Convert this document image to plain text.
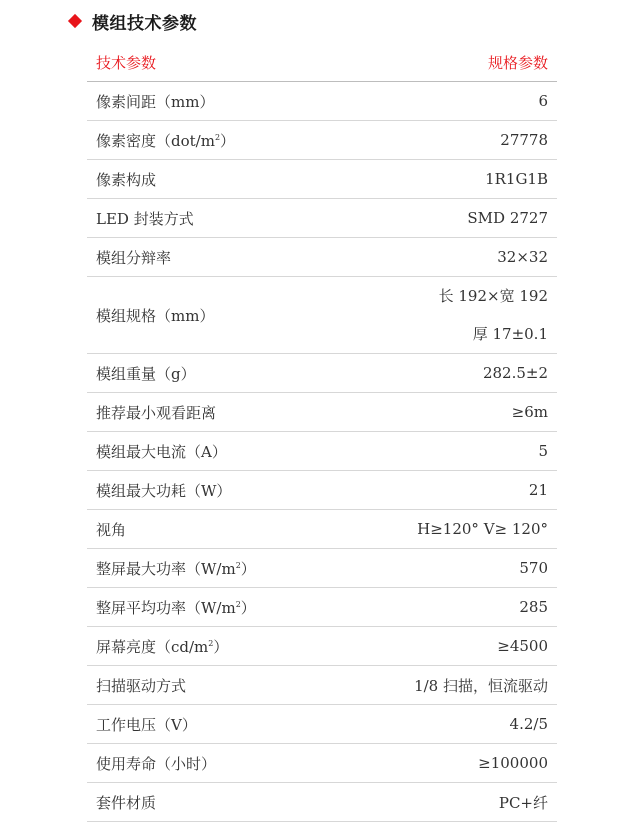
模组技术参数
技术参数	规格参数
像素间距（mm）	6
像素密度$(dot/m^2)$	27778
像素构成	1R1G1B
LED 封装方式	SMD 2727
模组分辩率	32×32
模组规格（mm）	长 192×宽 192
厚 17±0.1

模组重量（g）	282.5±2
推荐最小观看距离	≥6m
模组最大电流（A）	5
模组最大功耗（W）	21
视角	H≥120° V≥ 120°
整屏最大功率$(W/m^2)$	570
整屏平均功率$(W/m^2)$	285
屏幕亮度$(cd/m^2)$	≥4500
扫描驱动方式	1/8 扫描，恒流驱动
工作电压（V）	4.2/5
使用寿命（小时）	≥100000
套件材质	PC+纤
